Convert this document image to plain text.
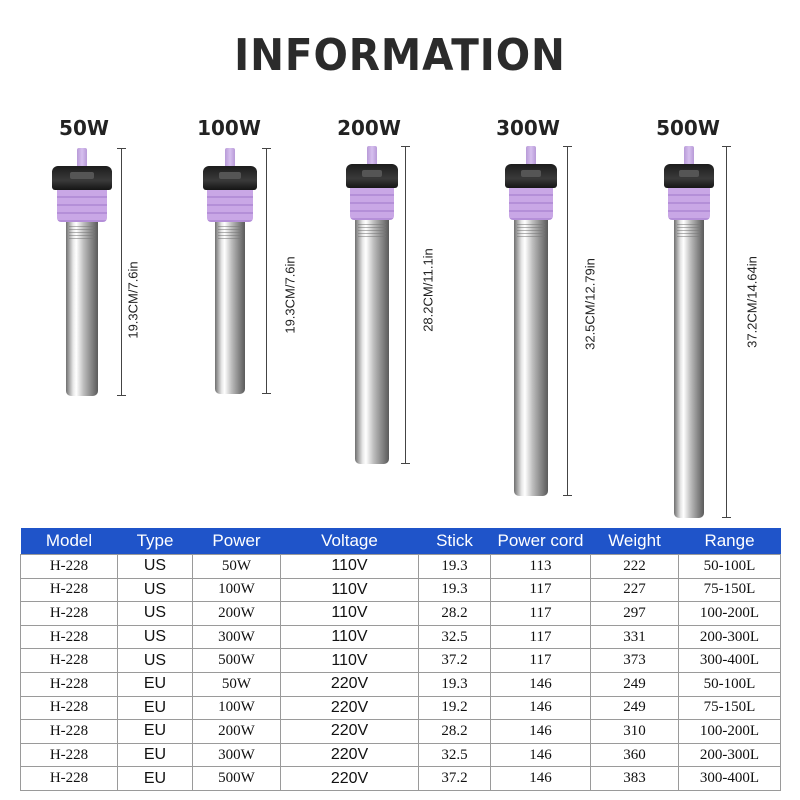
INFORMATION
50W	100W	200W	300W	500W
19.3CM/7.6in	19.3CM/7.6in	28.2CM/11.1in	32.5CM/12.79in	37.2CM/14.64in
Model	Type	Power	Voltage	Stick	Power cord	Weight	Range
H-228	US	50W	110V	19.3	113	222	50-100L
H-228	US	100W	110V	19.3	117	227	75-150L
H-228	US	200W	110V	28.2	117	297	100-200L
H-228	US	300W	110V	32.5	117	331	200-300L
H-228	US	500W	110V	37.2	117	373	300-400L
H-228	EU	50W	220V	19.3	146	249	50-100L
H-228	EU	100W	220V	19.2	146	249	75-150L
H-228	EU	200W	220V	28.2	146	310	100-200L
H-228	EU	300W	220V	32.5	146	360	200-300L
H-228	EU	500W	220V	37.2	146	383	300-400L
